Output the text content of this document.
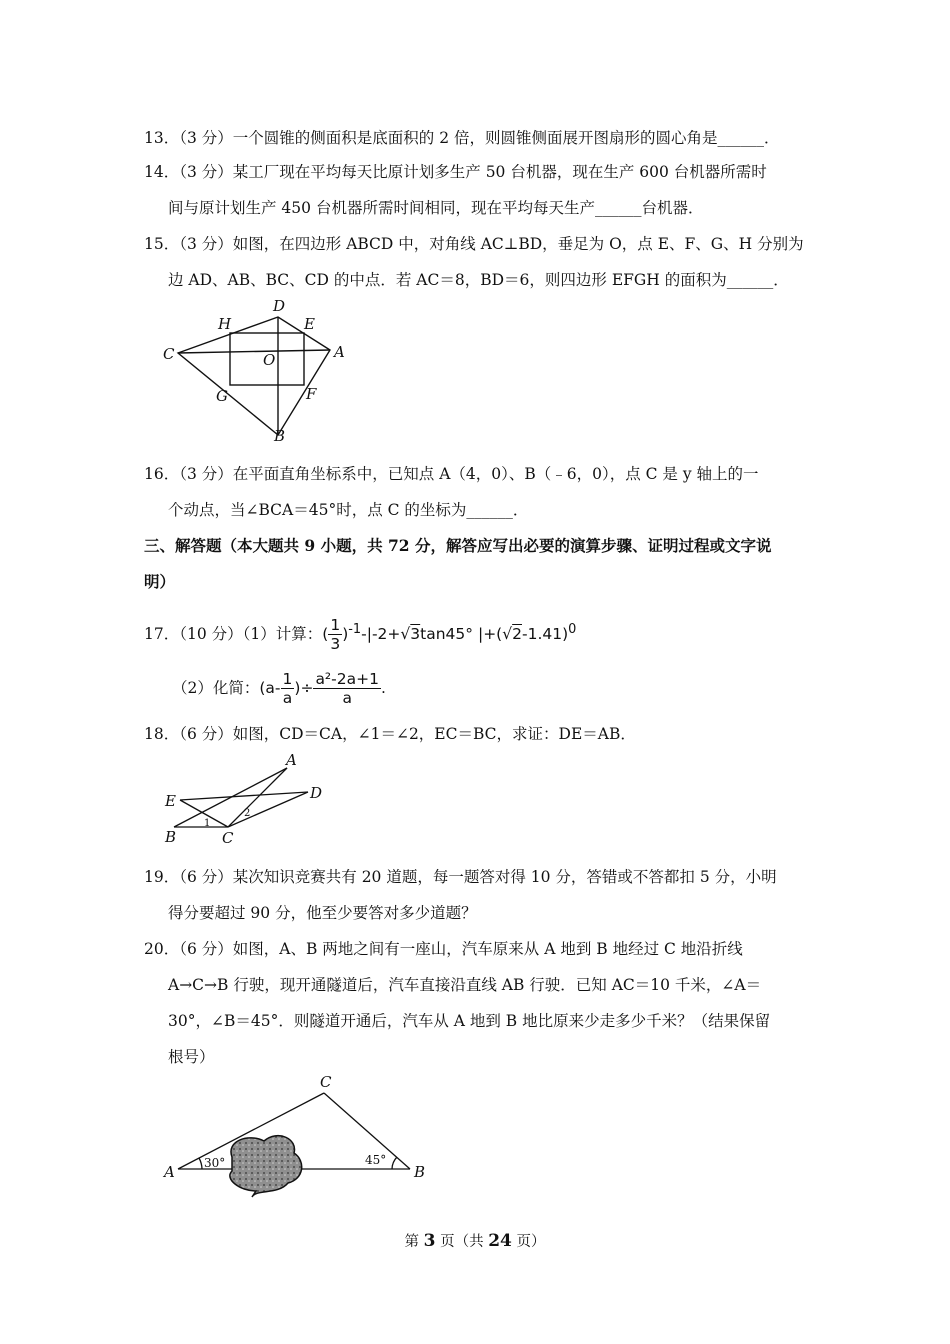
13．（3 分）一个圆锥的侧面积是底面积的 2 倍，则圆锥侧面展开图扇形的圆心角是______．
14．（3 分）某工厂现在平均每天比原计划多生产 50 台机器，现在生产 600 台机器所需时
间与原计划生产 450 台机器所需时间相同，现在平均每天生产______台机器．
15．（3 分）如图，在四边形 ABCD 中，对角线 AC⊥BD，垂足为 O，点 E、F、G、H 分别为
边 AD、AB、BC、CD 的中点．若 AC＝8，BD＝6，则四边形 EFGH 的面积为______．
D
H	E
C	O	A
G	F
B
16．（3 分）在平面直角坐标系中，已知点 A（4，0）、B（﹣6，0），点 C 是 y 轴上的一
个动点，当∠BCA＝45°时，点 C 的坐标为______．
三、解答题（本大题共 9 小题，共 72 分，解答应写出必要的演算步骤、证明过程或文字说
明）
17．（10 分）（1）计算：( $\frac{1}{3} )^{-1}-|-2+√3\tan 45^\circ$ $|+(√2-1.41)^0$
（2）化简：($a- \frac{1}{a}$ )÷ $\frac{\text{a²-2a+1}}{a}$ .
18．（6 分）如图，CD＝CA，∠1＝∠2，EC＝BC，求证：DE＝AB．
A
E	D
B	C
1
2
19．（6 分）某次知识竞赛共有 20 道题，每一题答对得 10 分，答错或不答都扣 5 分，小明
得分要超过 90 分，他至少要答对多少道题？
20．（6 分）如图，A、B 两地之间有一座山，汽车原来从 A 地到 B 地经过 C 地沿折线
A→C→B 行驶，现开通隧道后，汽车直接沿直线 AB 行驶．已知 AC＝10 千米，∠A＝
30°，∠B＝45°．则隧道开通后，汽车从 A 地到 B 地比原来少走多少千米？（结果保留
根号）
C
A	B
30°	45°
第 3 页（共 24 页）
